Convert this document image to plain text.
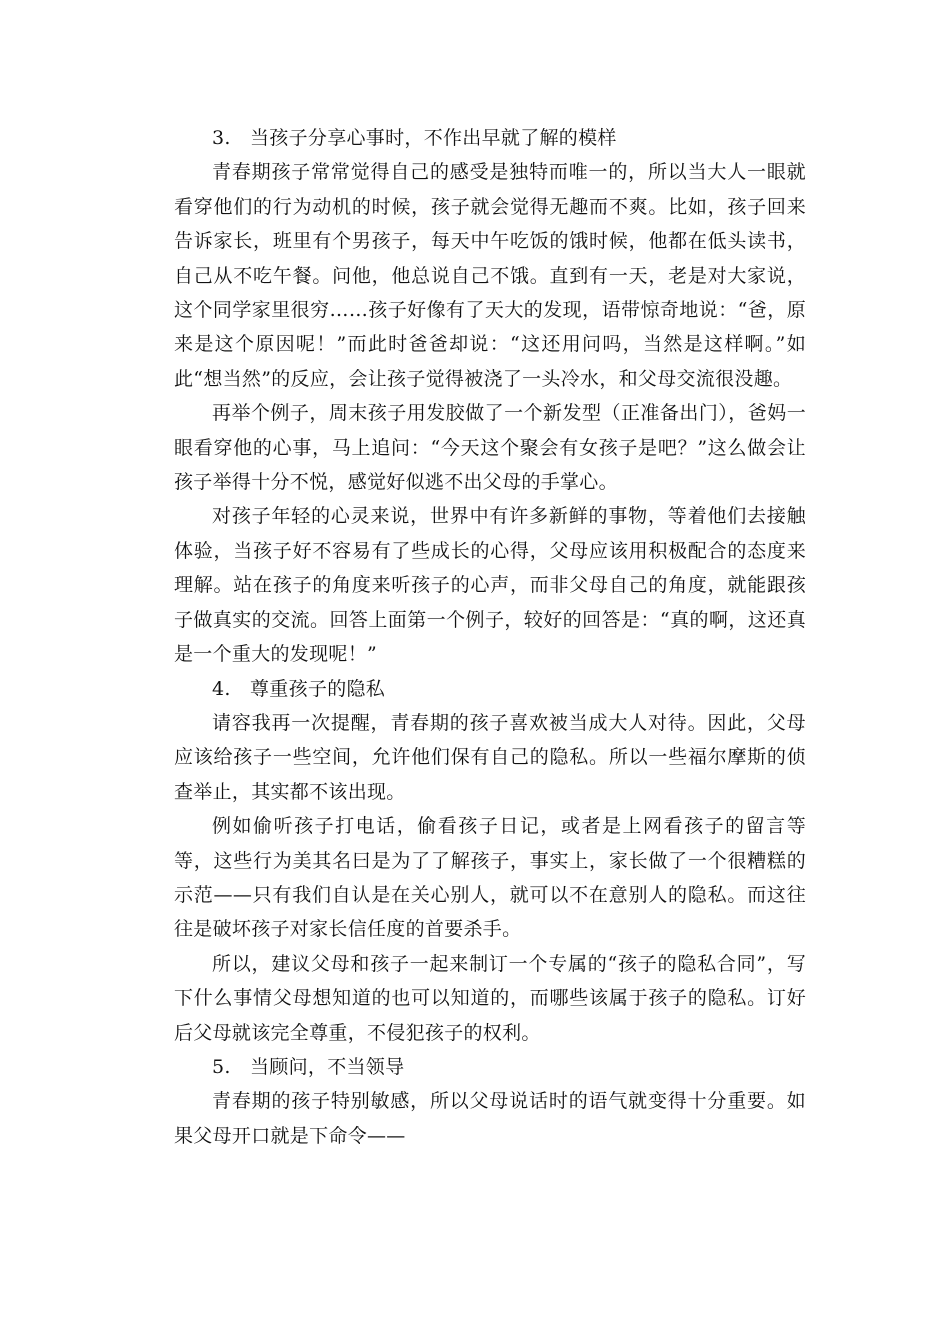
3. 当孩子分享心事时，不作出早就了解的模样

青春期孩子常常觉得自己的感受是独特而唯一的，所以当大人一眼就看穿他们的行为动机的时候，孩子就会觉得无趣而不爽。比如，孩子回来告诉家长，班里有个男孩子，每天中午吃饭的饿时候，他都在低头读书，自己从不吃午餐。问他，他总说自己不饿。直到有一天，老是对大家说，这个同学家里很穷……孩子好像有了天大的发现，语带惊奇地说：“爸，原来是这个原因呢！”而此时爸爸却说：“这还用问吗，当然是这样啊。”如此“想当然”的反应，会让孩子觉得被浇了一头冷水，和父母交流很没趣。

再举个例子，周末孩子用发胶做了一个新发型（正准备出门），爸妈一眼看穿他的心事，马上追问：“今天这个聚会有女孩子是吧？”这么做会让孩子举得十分不悦，感觉好似逃不出父母的手掌心。

对孩子年轻的心灵来说，世界中有许多新鲜的事物，等着他们去接触体验，当孩子好不容易有了些成长的心得，父母应该用积极配合的态度来理解。站在孩子的角度来听孩子的心声，而非父母自己的角度，就能跟孩子做真实的交流。回答上面第一个例子，较好的回答是：“真的啊，这还真是一个重大的发现呢！”

4. 尊重孩子的隐私

请容我再一次提醒，青春期的孩子喜欢被当成大人对待。因此，父母应该给孩子一些空间，允许他们保有自己的隐私。所以一些福尔摩斯的侦查举止，其实都不该出现。

例如偷听孩子打电话，偷看孩子日记，或者是上网看孩子的留言等等，这些行为美其名曰是为了了解孩子，事实上，家长做了一个很糟糕的示范——只有我们自认是在关心别人，就可以不在意别人的隐私。而这往往是破坏孩子对家长信任度的首要杀手。

所以，建议父母和孩子一起来制订一个专属的“孩子的隐私合同”，写下什么事情父母想知道的也可以知道的，而哪些该属于孩子的隐私。订好后父母就该完全尊重，不侵犯孩子的权利。

5. 当顾问，不当领导

青春期的孩子特别敏感，所以父母说话时的语气就变得十分重要。如果父母开口就是下命令——
